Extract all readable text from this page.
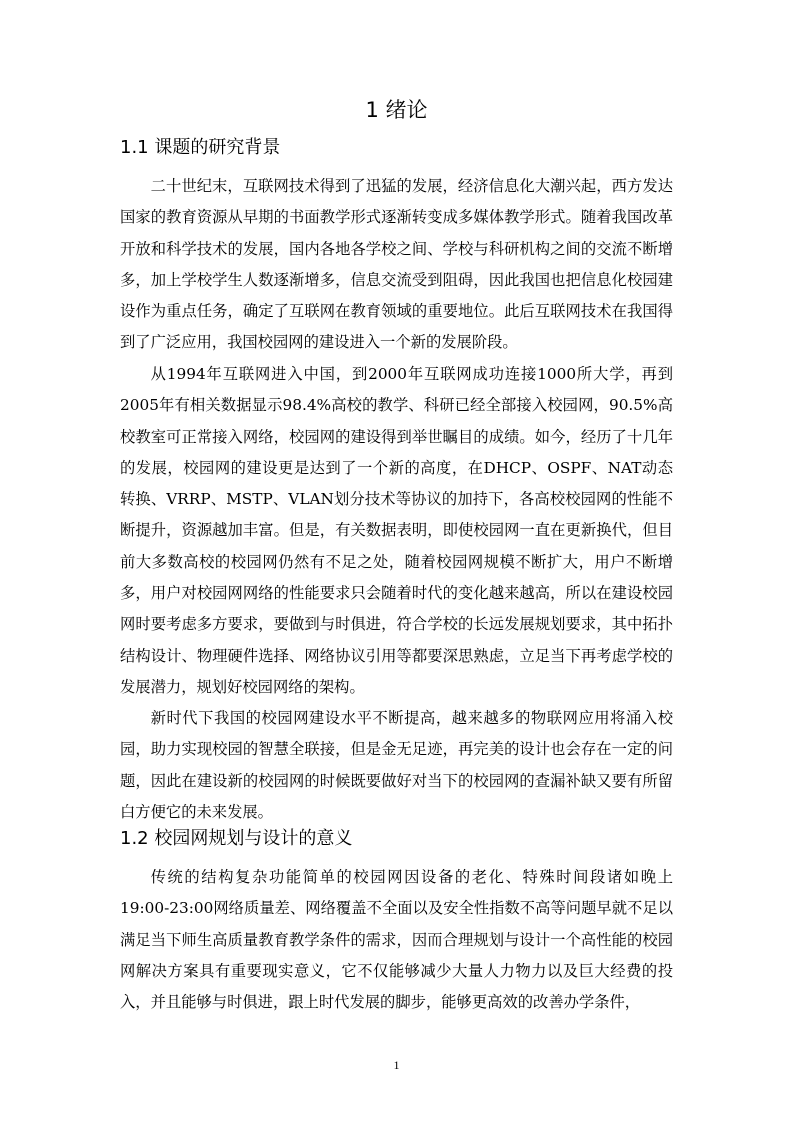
1 绪论
1.1 课题的研究背景

二十世纪末，互联网技术得到了迅猛的发展，经济信息化大潮兴起，西方发达国家的教育资源从早期的书面教学形式逐渐转变成多媒体教学形式。随着我国改革开放和科学技术的发展，国内各地各学校之间、学校与科研机构之间的交流不断增多，加上学校学生人数逐渐增多，信息交流受到阻碍，因此我国也把信息化校园建设作为重点任务，确定了互联网在教育领域的重要地位。此后互联网技术在我国得到了广泛应用，我国校园网的建设进入一个新的发展阶段。

从1994年互联网进入中国，到2000年互联网成功连接1000所大学，再到2005年有相关数据显示98.4%高校的教学、科研已经全部接入校园网，90.5%高校教室可正常接入网络，校园网的建设得到举世瞩目的成绩。如今，经历了十几年的发展，校园网的建设更是达到了一个新的高度，在DHCP、OSPF、NAT动态转换、VRRP、MSTP、VLAN划分技术等协议的加持下，各高校校园网的性能不断提升，资源越加丰富。但是，有关数据表明，即使校园网一直在更新换代，但目前大多数高校的校园网仍然有不足之处，随着校园网规模不断扩大，用户不断增多，用户对校园网网络的性能要求只会随着时代的变化越来越高，所以在建设校园网时要考虑多方要求，要做到与时俱进，符合学校的长远发展规划要求，其中拓扑结构设计、物理硬件选择、网络协议引用等都要深思熟虑，立足当下再考虑学校的发展潜力，规划好校园网络的架构。

新时代下我国的校园网建设水平不断提高，越来越多的物联网应用将涌入校园，助力实现校园的智慧全联接，但是金无足迹，再完美的设计也会存在一定的问题，因此在建设新的校园网的时候既要做好对当下的校园网的查漏补缺又要有所留白方便它的未来发展。

1.2 校园网规划与设计的意义

传统的结构复杂功能简单的校园网因设备的老化、特殊时间段诸如晚上19:00-23:00网络质量差、网络覆盖不全面以及安全性指数不高等问题早就不足以满足当下师生高质量教育教学条件的需求，因而合理规划与设计一个高性能的校园网解决方案具有重要现实意义，它不仅能够减少大量人力物力以及巨大经费的投入，并且能够与时俱进，跟上时代发展的脚步，能够更高效的改善办学条件，

1
